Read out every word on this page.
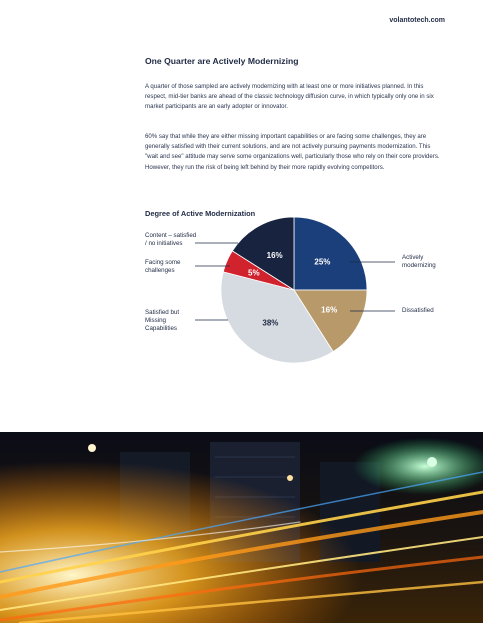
volantotech.com
One Quarter are Actively Modernizing

A quarter of those sampled are actively modernizing with at least one or more initiatives planned. In this respect, mid-tier banks are ahead of the classic technology diffusion curve, in which typically only one in six market participants are an early adopter or innovator.

60% say that while they are either missing important capabilities or are facing some challenges, they are generally satisfied with their current solutions, and are not actively pursuing payments modernization. This "wait and see" attitude may serve some organizations well, particularly those who rely on their core providers. However, they run the risk of being left behind by their more rapidly evolving competitors.

Degree of Active Modernization
25%
16%
38%
5%
16%
Content – satisfied
/ no initiatives
Facing some
challenges
Satisfied but
Missing
Capabilities
Actively
modernizing
Dissatisfied
